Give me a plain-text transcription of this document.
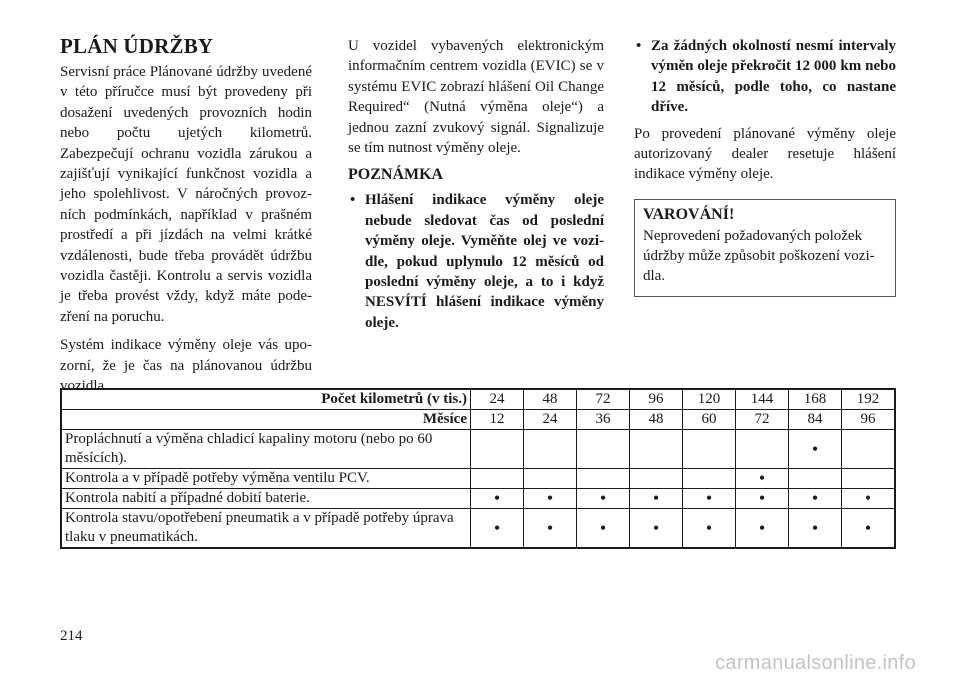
PLÁN ÚDRŽBY

Servisní práce Plánované údržby uvedené v této příručce musí být provedeny při dosažení uvedených provozních hodin nebo počtu ujetých kilometrů. Zabezpečují ochranu vozidla zárukou a zajišťují vynikající funkčnost vozidla a jeho spolehlivost. V náročných provozních podmínkách, například v prašném prostředí a při jízdách na velmi krátké vzdálenosti, bude třeba provádět údržbu vozidla častěji. Kontrolu a servis vozidla je třeba provést vždy, když máte podezření na poruchu.

Systém indikace výměny oleje vás upozorní, že je čas na plánovanou údržbu vozidla.

U vozidel vybavených elektronickým informačním centrem vozidla (EVIC) se v systému EVIC zobrazí hlášení Oil Change Required“ (Nutná výměna oleje“) a jednou zazní zvukový signál. Signalizuje se tím nutnost výměny oleje.

POZNÁMKA
• Hlášení indikace výměny oleje nebude sledovat čas od poslední výměny oleje. Vyměňte olej ve vozidle, pokud uplynulo 12 měsíců od poslední výměny oleje, a to i když NESVÍTÍ hlášení indikace výměny oleje.
• Za žádných okolností nesmí intervaly výměn oleje překročit 12 000 km nebo 12 měsíců, podle toho, co nastane dříve.

Po provedení plánované výměny oleje autorizovaný dealer resetuje hlášení indikace výměny oleje.

VAROVÁNÍ!

Neprovedení požadovaných položek údržby může způsobit poškození vozidla.

Počet kilometrů (v tis.)	24	48	72	96	120	144	168	192
Měsíce	12	24	36	48	60	72	84	96
Propláchnutí a výměna chladicí kapaliny motoru (nebo po 60 měsících).							•	
Kontrola a v případě potřeby výměna ventilu PCV.						•		
Kontrola nabití a případné dobití baterie.	•	•	•	•	•	•	•	•
Kontrola stavu/opotřebení pneumatik a v případě potřeby úprava tlaku v pneumatikách.	•	•	•	•	•	•	•	•
214
carmanualsonline.info
